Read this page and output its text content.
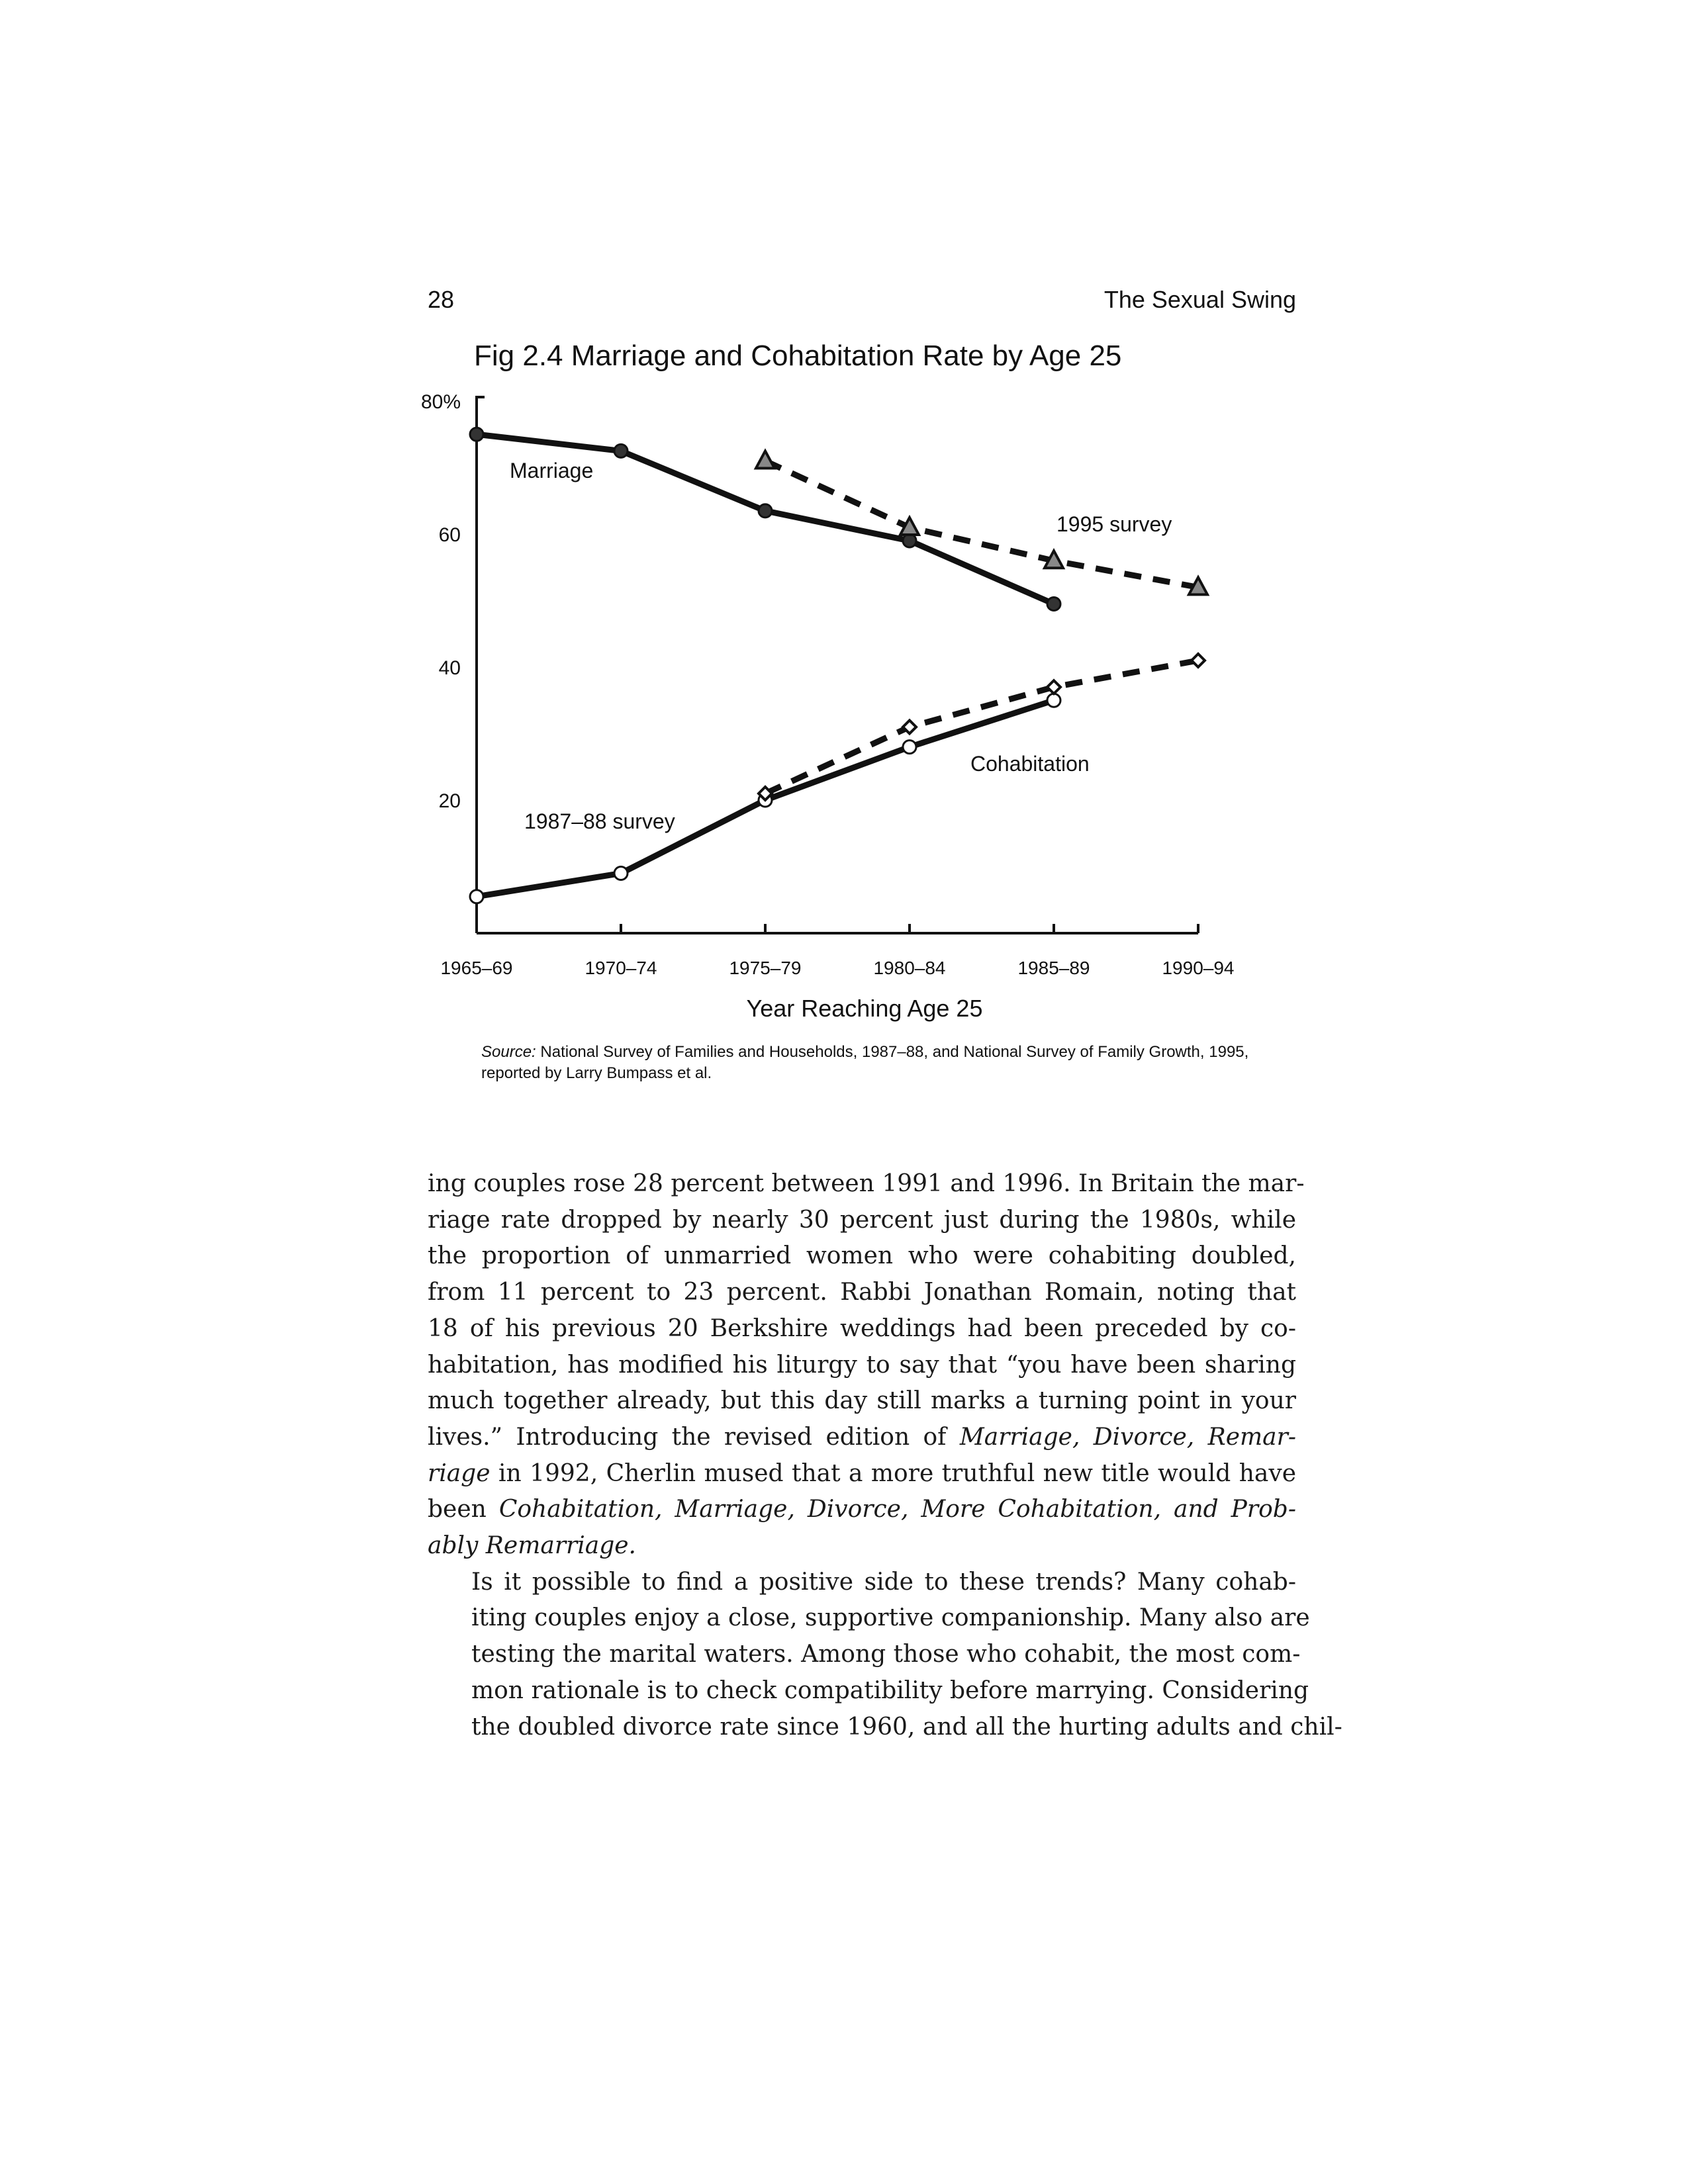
28	The Sexual Swing
Fig 2.4 Marriage and Cohabitation Rate by Age 25
80%
60
40
20
1965–69	1970–74	1975–79	1980–84	1985–89	1990–94
Marriage
1995 survey
Cohabitation
1987–88 survey
Year Reaching Age 25
Source: National Survey of Families and Households, 1987–88, and National Survey of Family Growth, 1995,
reported by Larry Bumpass et al.

ing couples rose 28 percent between 1991 and 1996. In Britain the mar-
riage rate dropped by nearly 30 percent just during the 1980s, while
the proportion of unmarried women who were cohabiting doubled,
from 11 percent to 23 percent. Rabbi Jonathan Romain, noting that
18 of his previous 20 Berkshire weddings had been preceded by co-
habitation, has modified his liturgy to say that “you have been sharing
much together already, but this day still marks a turning point in your
lives.” Introducing the revised edition of Marriage, Divorce, Remar-
riage in 1992, Cherlin mused that a more truthful new title would have
been Cohabitation, Marriage, Divorce, More Cohabitation, and Prob-
ably Remarriage.

Is it possible to find a positive side to these trends? Many cohab-
iting couples enjoy a close, supportive companionship. Many also are
testing the marital waters. Among those who cohabit, the most com-
mon rationale is to check compatibility before marrying. Considering
the doubled divorce rate since 1960, and all the hurting adults and chil-
